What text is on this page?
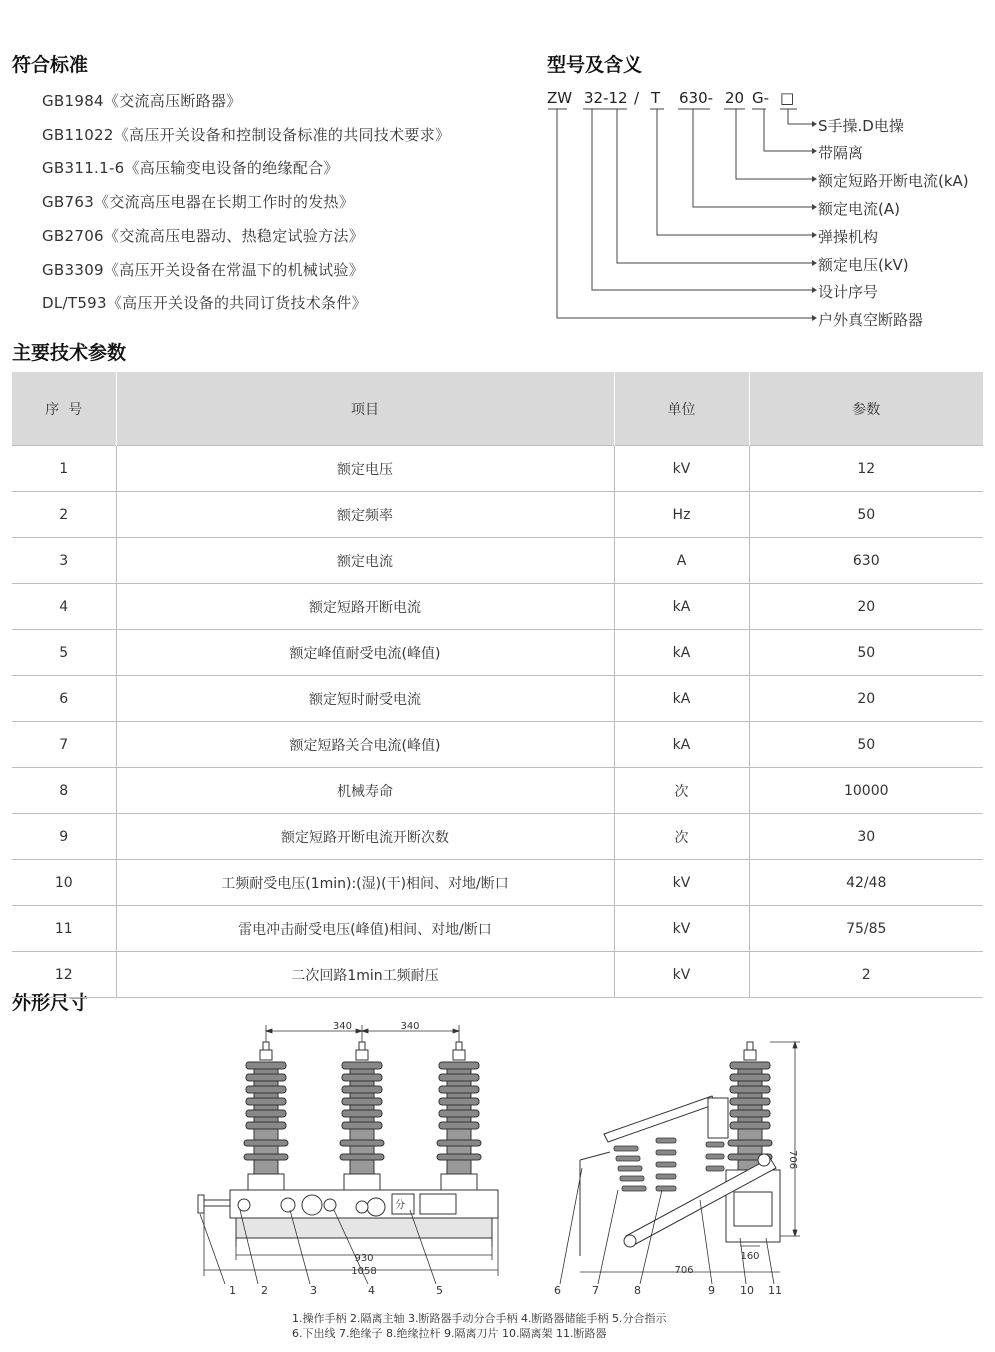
符合标准	型号及含义
主要技术参数
外形尺寸
GB1984《交流高压断路器》
GB11022《高压开关设备和控制设备标准的共同技术要求》
GB311.1-6《高压输变电设备的绝缘配合》
GB763《交流高压电器在长期工作时的发热》
GB2706《交流高压电器动、热稳定试验方法》
GB3309《高压开关设备在常温下的机械试验》
DL/T593《高压开关设备的共同订货技术条件》
ZW 32-12 / T 630- 20 G- □
S手操.D电操
带隔离
额定短路开断电流(kA)
额定电流(A)
弹操机构
额定电压(kV)
设计序号
户外真空断路器
序  号	项目	单位	参数
1	额定电压	kV	12
2	额定频率	Hz	50
3	额定电流	A	630
4	额定短路开断电流	kA	20
5	额定峰值耐受电流(峰值)	kA	50
6	额定短时耐受电流	kA	20
7	额定短路关合电流(峰值)	kA	50
8	机械寿命	次	10000
9	额定短路开断电流开断次数	次	30
10	工频耐受电压(1min):(湿)(干)相间、对地/断口	kV	42/48
11	雷电冲击耐受电压(峰值)相间、对地/断口	kV	75/85
12	二次回路1min工频耐压	kV	2
分
340	340
930
1058
1 2	3	4	5
706
160
706
6	7	8	9 10 11
1.操作手柄 2.隔离主轴 3.断路器手动分合手柄 4.断路器储能手柄 5.分合指示
6.下出线 7.绝缘子 8.绝缘拉杆 9.隔离刀片 10.隔离架 11.断路器
